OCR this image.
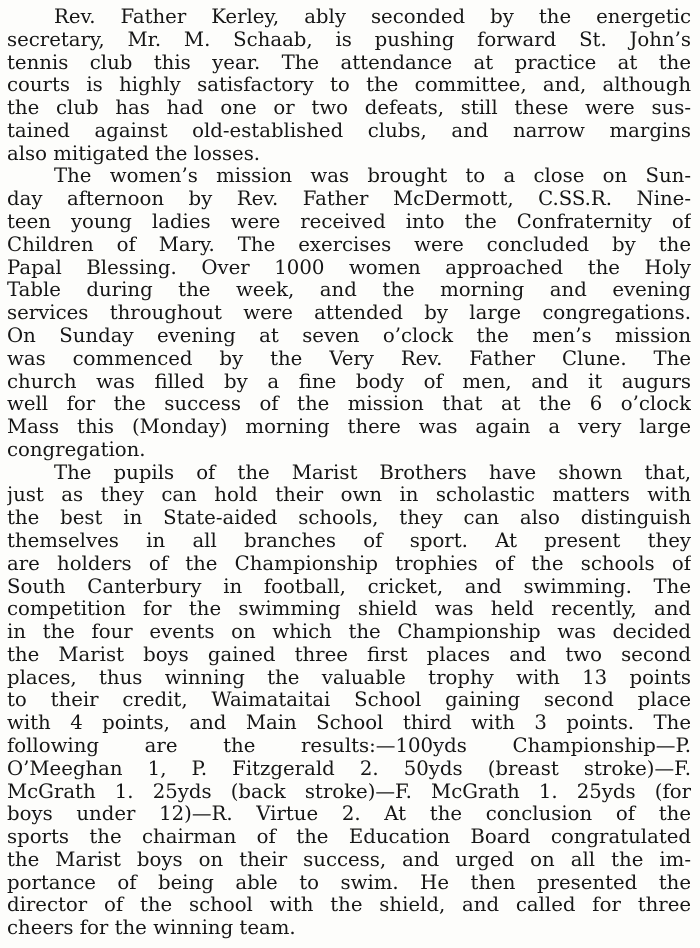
Rev. Father Kerley, ably seconded by the energetic
secretary, Mr. M. Schaab, is pushing forward St. John’s
tennis club this year. The attendance at practice at the
courts is highly satisfactory to the committee, and, although
the club has had one or two defeats, still these were sus-
tained against old-established clubs, and narrow margins
also mitigated the losses.
The women’s mission was brought to a close on Sun-
day afternoon by Rev. Father McDermott, C.SS.R. Nine-
teen young ladies were received into the Confraternity of
Children of Mary. The exercises were concluded by the
Papal Blessing. Over 1000 women approached the Holy
Table during the week, and the morning and evening
services throughout were attended by large congregations.
On Sunday evening at seven o’clock the men’s mission
was commenced by the Very Rev. Father Clune. The
church was filled by a fine body of men, and it augurs
well for the success of the mission that at the 6 o’clock
Mass this (Monday) morning there was again a very large
congregation.
The pupils of the Marist Brothers have shown that,
just as they can hold their own in scholastic matters with
the best in State-aided schools, they can also distinguish
themselves in all branches of sport. At present they
are holders of the Championship trophies of the schools of
South Canterbury in football, cricket, and swimming. The
competition for the swimming shield was held recently, and
in the four events on which the Championship was decided
the Marist boys gained three first places and two second
places, thus winning the valuable trophy with 13 points
to their credit, Waimataitai School gaining second place
with 4 points, and Main School third with 3 points. The
following are the results:—100yds Championship—P.
O’Meeghan 1, P. Fitzgerald 2. 50yds (breast stroke)—F.
McGrath 1. 25yds (back stroke)—F. McGrath 1. 25yds (for
boys under 12)—R. Virtue 2. At the conclusion of the
sports the chairman of the Education Board congratulated
the Marist boys on their success, and urged on all the im-
portance of being able to swim. He then presented the
director of the school with the shield, and called for three
cheers for the winning team.
